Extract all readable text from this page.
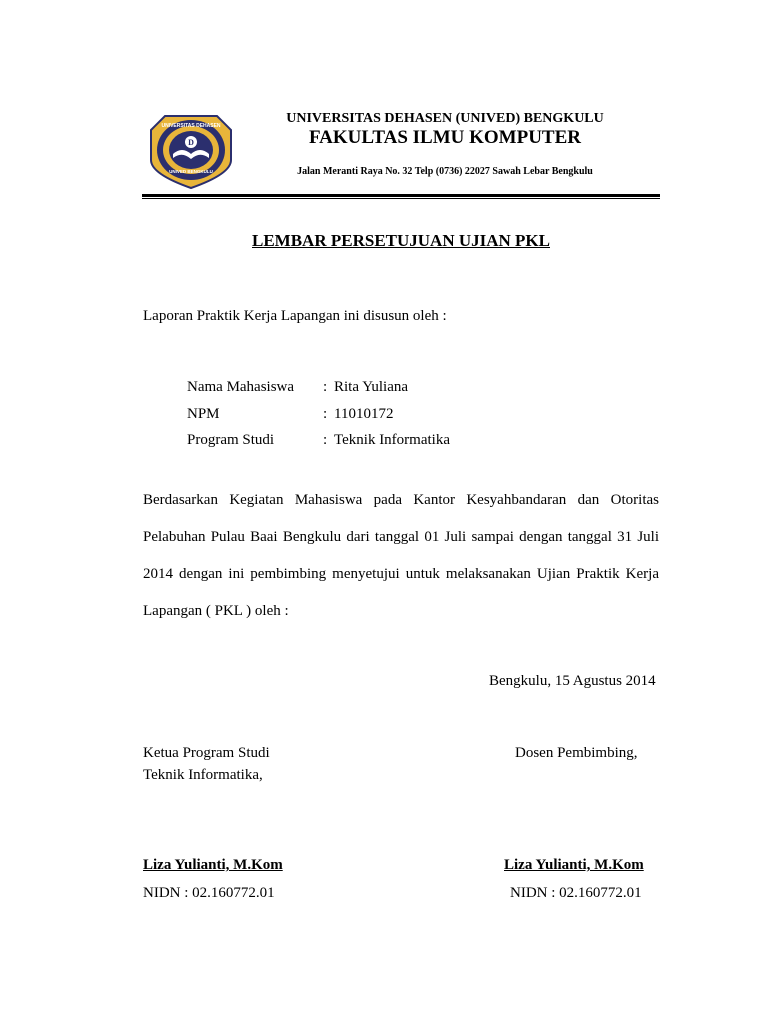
D
UNIVERSITAS DEHASEN
UNIVED BENGKULU
UNIVERSITAS DEHASEN (UNIVED) BENGKULU
FAKULTAS ILMU KOMPUTER
Jalan Meranti Raya No. 32 Telp (0736) 22027 Sawah Lebar Bengkulu
LEMBAR PERSETUJUAN UJIAN PKL
Laporan Praktik Kerja Lapangan ini disusun oleh :
Nama Mahasiswa : Rita Yuliana
NPM	: 11010172
Program Studi	: Teknik Informatika
Berdasarkan Kegiatan Mahasiswa pada Kantor Kesyahbandaran dan Otoritas
Pelabuhan Pulau Baai Bengkulu dari tanggal 01 Juli sampai dengan tanggal 31 Juli
2014 dengan ini pembimbing menyetujui untuk melaksanakan Ujian Praktik Kerja
Lapangan ( PKL ) oleh :
Bengkulu, 15 Agustus 2014
Ketua Program Studi
Teknik Informatika,
Dosen Pembimbing,
Liza Yulianti, M.Kom
NIDN : 02.160772.01
Liza Yulianti, M.Kom
NIDN : 02.160772.01
